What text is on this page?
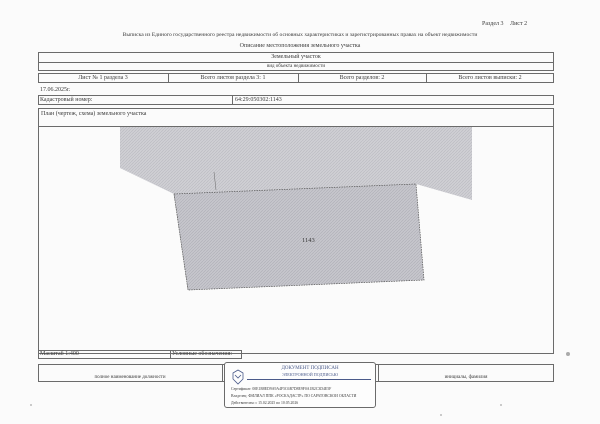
Раздел 3 Лист 2
Выписка из Единого государственного реестра недвижимости об основных характеристиках и зарегистрированных правах на объект недвижимости
Описание местоположения земельного участка
Земельный участок
вид объекта недвижимости
Лист № 1 раздела 3	Всего листов раздела 3: 1	Всего разделов: 2	Всего листов выписки: 2
17.06.2025г.
Кадастровый номер:	64:29:050302:1143
План (чертеж, схема) земельного участка
1143
Масштаб 1:400	Условные обозначения:
полное наименование должности	инициалы, фамилия
ДОКУМЕНТ ПОДПИСАН
ЭЛЕКТРОННОЙ ПОДПИСЬЮ
Сертификат: 00E1B8ED9A9A4F5C6B7D8E9F0A1B2C3D4E5F
Владелец: ФИЛИАЛ ППК «РОСКАДАСТР» ПО САРАТОВСКОЙ ОБЛАСТИ
Действителен: с 15.02.2025 по 10.05.2026
